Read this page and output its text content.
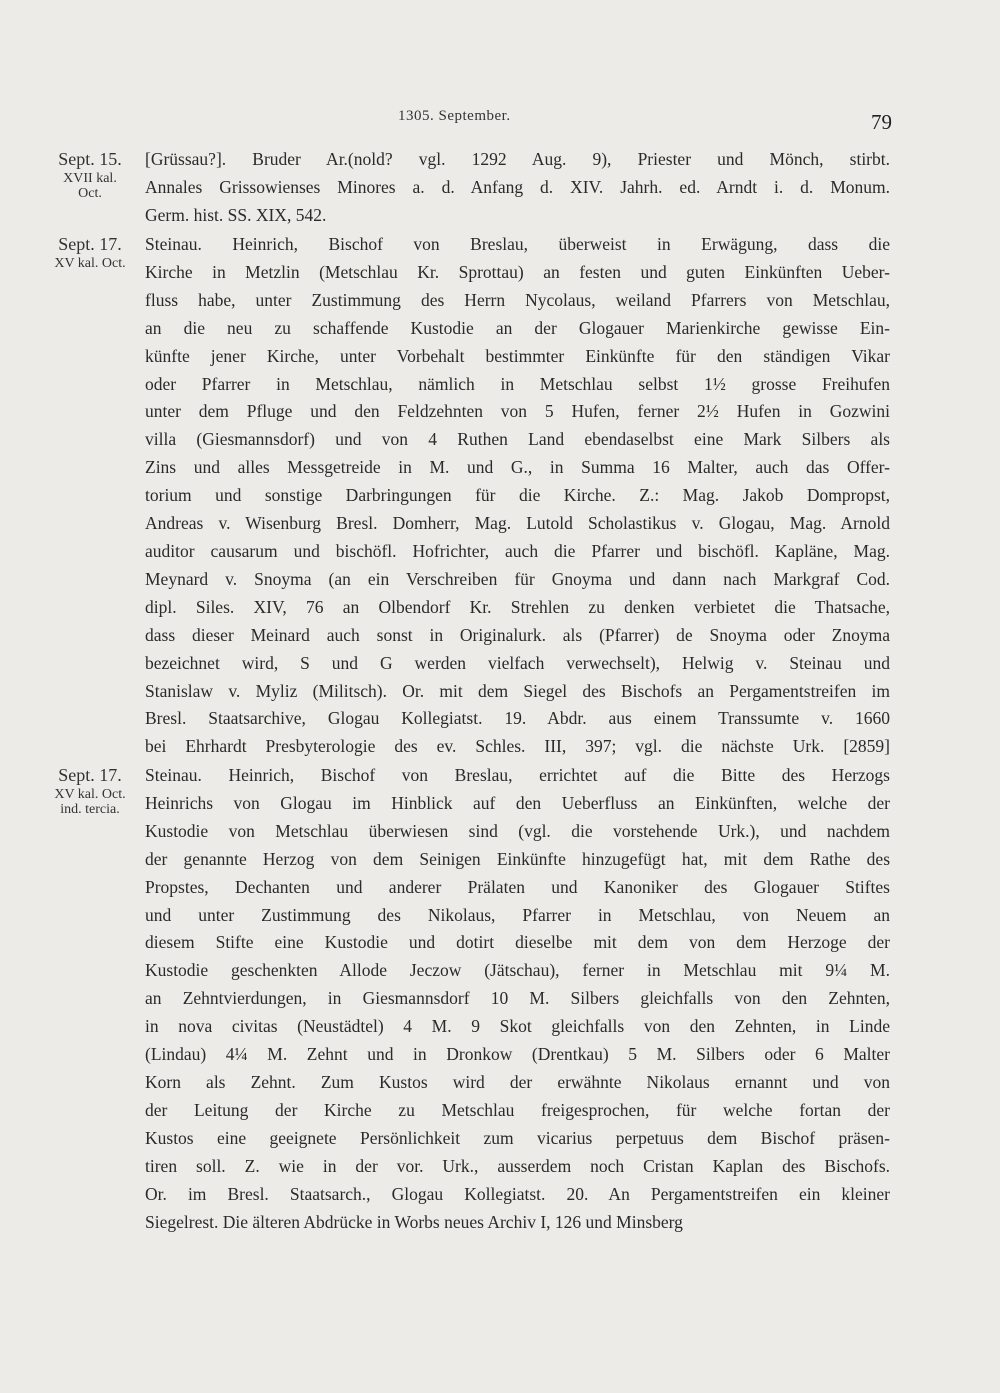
1305. September.	79
Sept. 15.
XVII kal.
Oct.
[Grüssau?]. Bruder Ar.(nold? vgl. 1292 Aug. 9), Priester und Mönch, stirbt.
Annales Grissowienses Minores a. d. Anfang d. XIV. Jahrh. ed. Arndt i. d. Monum.
Germ. hist. SS. XIX, 542.
Sept. 17.
XV kal. Oct.
Steinau. Heinrich, Bischof von Breslau, überweist in Erwägung, dass die
Kirche in Metzlin (Metschlau Kr. Sprottau) an festen und guten Einkünften Ueber-
fluss habe, unter Zustimmung des Herrn Nycolaus, weiland Pfarrers von Metschlau,
an die neu zu schaffende Kustodie an der Glogauer Marienkirche gewisse Ein-
künfte jener Kirche, unter Vorbehalt bestimmter Einkünfte für den ständigen Vikar
oder Pfarrer in Metschlau, nämlich in Metschlau selbst 1½ grosse Freihufen
unter dem Pfluge und den Feldzehnten von 5 Hufen, ferner 2½ Hufen in Gozwini
villa (Giesmannsdorf) und von 4 Ruthen Land ebendaselbst eine Mark Silbers als
Zins und alles Messgetreide in M. und G., in Summa 16 Malter, auch das Offer-
torium und sonstige Darbringungen für die Kirche. Z.: Mag. Jakob Dompropst,
Andreas v. Wisenburg Bresl. Domherr, Mag. Lutold Scholastikus v. Glogau, Mag. Arnold
auditor causarum und bischöfl. Hofrichter, auch die Pfarrer und bischöfl. Kapläne, Mag.
Meynard v. Snoyma (an ein Verschreiben für Gnoyma und dann nach Markgraf Cod.
dipl. Siles. XIV, 76 an Olbendorf Kr. Strehlen zu denken verbietet die Thatsache,
dass dieser Meinard auch sonst in Originalurk. als (Pfarrer) de Snoyma oder Znoyma
bezeichnet wird, S und G werden vielfach verwechselt), Helwig v. Steinau und
Stanislaw v. Myliz (Militsch). Or. mit dem Siegel des Bischofs an Pergamentstreifen im
Bresl. Staatsarchive, Glogau Kollegiatst. 19. Abdr. aus einem Transsumte v. 1660
bei Ehrhardt Presbyterologie des ev. Schles. III, 397; vgl. die nächste Urk. [2859]
Sept. 17.
XV kal. Oct.
ind. tercia.
Steinau. Heinrich, Bischof von Breslau, errichtet auf die Bitte des Herzogs
Heinrichs von Glogau im Hinblick auf den Ueberfluss an Einkünften, welche der
Kustodie von Metschlau überwiesen sind (vgl. die vorstehende Urk.), und nachdem
der genannte Herzog von dem Seinigen Einkünfte hinzugefügt hat, mit dem Rathe des
Propstes, Dechanten und anderer Prälaten und Kanoniker des Glogauer Stiftes
und unter Zustimmung des Nikolaus, Pfarrer in Metschlau, von Neuem an
diesem Stifte eine Kustodie und dotirt dieselbe mit dem von dem Herzoge der
Kustodie geschenkten Allode Jeczow (Jätschau), ferner in Metschlau mit 9¼ M.
an Zehntvierdungen, in Giesmannsdorf 10 M. Silbers gleichfalls von den Zehnten,
in nova civitas (Neustädtel) 4 M. 9 Skot gleichfalls von den Zehnten, in Linde
(Lindau) 4¼ M. Zehnt und in Dronkow (Drentkau) 5 M. Silbers oder 6 Malter
Korn als Zehnt. Zum Kustos wird der erwähnte Nikolaus ernannt und von
der Leitung der Kirche zu Metschlau freigesprochen, für welche fortan der
Kustos eine geeignete Persönlichkeit zum vicarius perpetuus dem Bischof präsen-
tiren soll. Z. wie in der vor. Urk., ausserdem noch Cristan Kaplan des Bischofs.
Or. im Bresl. Staatsarch., Glogau Kollegiatst. 20. An Pergamentstreifen ein kleiner
Siegelrest. Die älteren Abdrücke in Worbs neues Archiv I, 126 und Minsberg
